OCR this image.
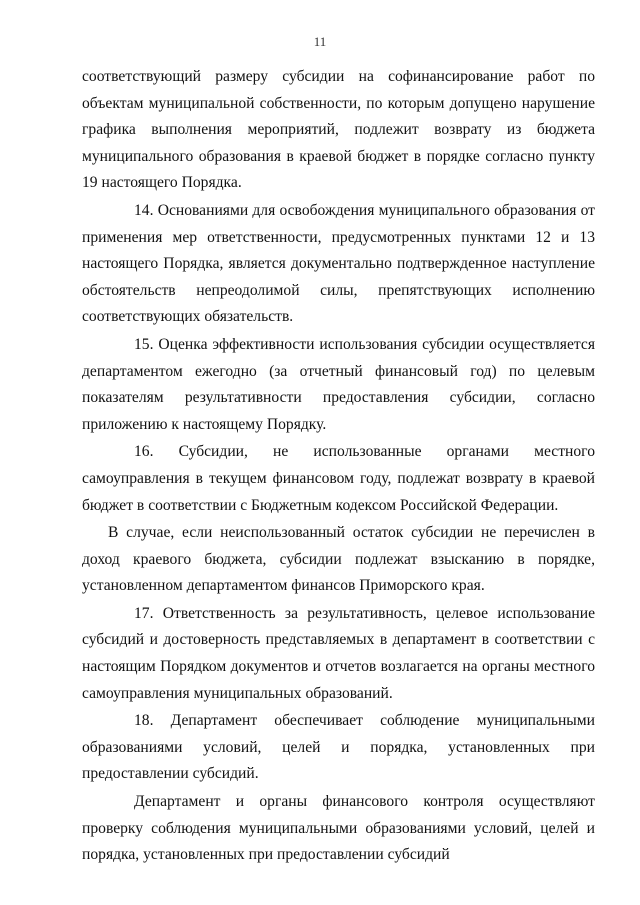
11

соответствующий размеру субсидии на софинансирование работ по объектам муниципальной собственности, по которым допущено нарушение графика выполнения мероприятий, подлежит возврату из бюджета муниципального образования в краевой бюджет в порядке согласно пункту 19 настоящего Порядка.

14. Основаниями для освобождения муниципального образования от применения мер ответственности, предусмотренных пунктами 12 и 13 настоящего Порядка, является документально подтвержденное наступление обстоятельств непреодолимой силы, препятствующих исполнению соответствующих обязательств.

15. Оценка эффективности использования субсидии осуществляется департаментом ежегодно (за отчетный финансовый год) по целевым показателям результативности предоставления субсидии, согласно приложению к настоящему Порядку.

16. Субсидии, не использованные органами местного самоуправления в текущем финансовом году, подлежат возврату в краевой бюджет в соответствии с Бюджетным кодексом Российской Федерации.

В случае, если неиспользованный остаток субсидии не перечислен в доход краевого бюджета, субсидии подлежат взысканию в порядке, установленном департаментом финансов Приморского края.

17. Ответственность за результативность, целевое использование субсидий и достоверность представляемых в департамент в соответствии с настоящим Порядком документов и отчетов возлагается на органы местного самоуправления муниципальных образований.

18. Департамент обеспечивает соблюдение муниципальными образованиями условий, целей и порядка, установленных при предоставлении субсидий.

Департамент и органы финансового контроля осуществляют проверку соблюдения муниципальными образованиями условий, целей и порядка, установленных при предоставлении субсидий
